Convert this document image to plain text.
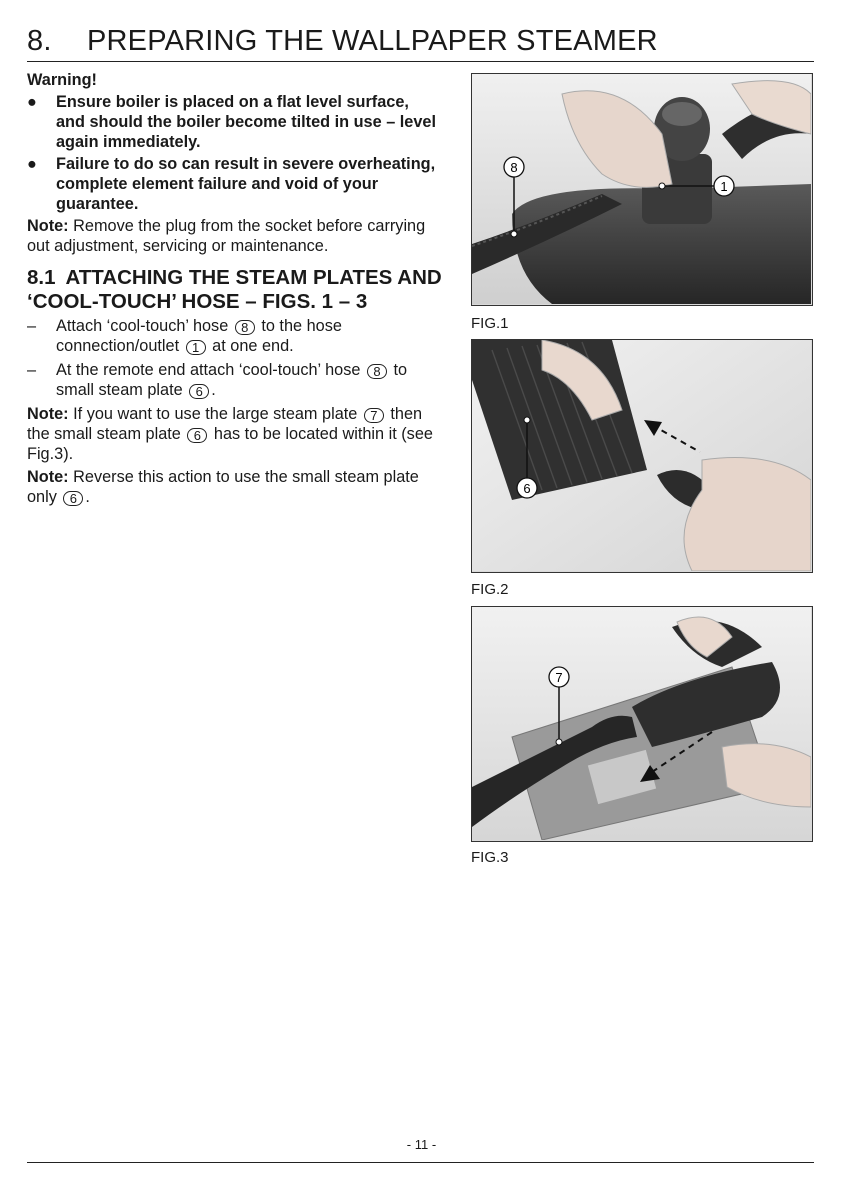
8. PREPARING THE WALLPAPER STEAMER

Warning!

● Ensure boiler is placed on a flat level surface, and should the boiler become tilted in use – level again immediately.

● Failure to do so can result in severe overheating, complete element failure and void of your guarantee.

Note: Remove the plug from the socket before carrying out adjustment, servicing or maintenance.

8.1 ATTACHING THE STEAM PLATES AND ‘COOL-TOUCH’ HOSE – FIGS. 1 – 3

– Attach ‘cool-touch’ hose 8 to the hose connection/outlet 1 at one end.

– At the remote end attach ‘cool-touch’ hose 8 to small steam plate 6 .

Note: If you want to use the large steam plate 7 then the small steam plate 6 has to be located within it (see Fig.3).

Note: Reverse this action to use the small steam plate only 6 .

8
1
FIG.1
6
FIG.2
7
FIG.3
- 11 -
